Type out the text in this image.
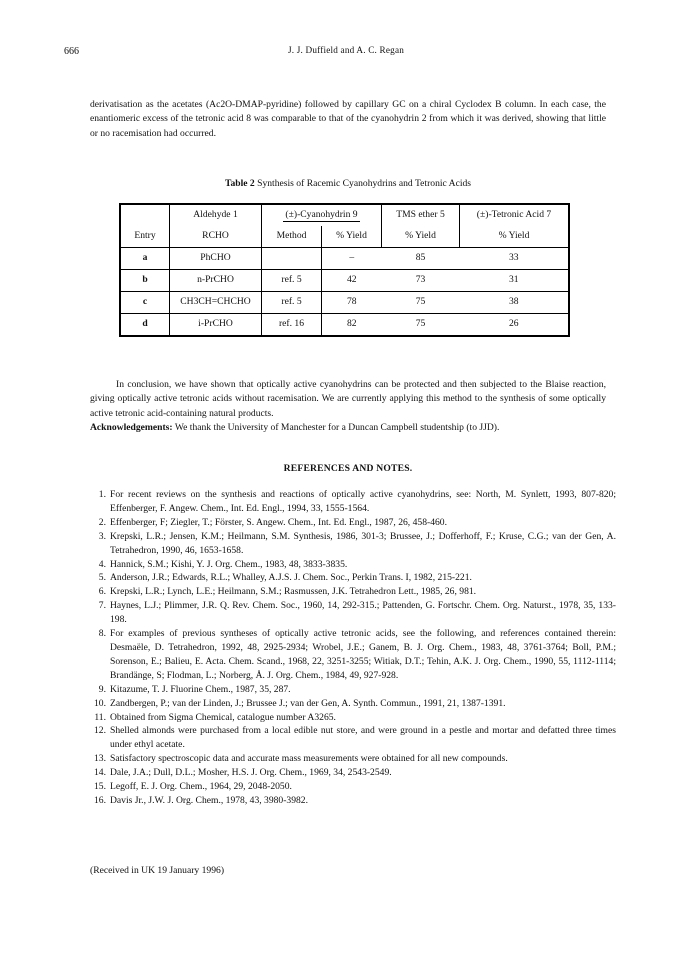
666	J. J. Duffield and A. C. Regan
derivatisation as the acetates (Ac2O-DMAP-pyridine) followed by capillary GC on a chiral Cyclodex B column. In each case, the enantiomeric excess of the tetronic acid 8 was comparable to that of the cyanohydrin 2 from which it was derived, showing that little or no racemisation had occurred.
Table 2 Synthesis of Racemic Cyanohydrins and Tetronic Acids
	Aldehyde 1	(±)-Cyanohydrin 9		TMS ether 5	(±)-Tetronic Acid 7
Entry	RCHO	Method	% Yield	% Yield	% Yield
a	PhCHO		–	85	33
b	n-PrCHO	ref. 5	42	73	31
c	CH3CH=CHCHO	ref. 5	78	75	38
d	i-PrCHO	ref. 16	82	75	26
In conclusion, we have shown that optically active cyanohydrins can be protected and then subjected to the Blaise reaction, giving optically active tetronic acids without racemisation. We are currently applying this method to the synthesis of some optically active tetronic acid-containing natural products.
Acknowledgements: We thank the University of Manchester for a Duncan Campbell studentship (to JJD).
REFERENCES AND NOTES.
1 . For recent reviews on the synthesis and reactions of optically active cyanohydrins, see: North, M. Synlett, 1993, 807-820; Effenberger, F. Angew. Chem., Int. Ed. Engl., 1994, 33, 1555-1564.
2 . Effenberger, F; Ziegler, T.; Förster, S. Angew. Chem., Int. Ed. Engl., 1987, 26, 458-460.
3 . Krepski, L.R.; Jensen, K.M.; Heilmann, S.M. Synthesis, 1986, 301-3; Brussee, J.; Dofferhoff, F.; Kruse, C.G.; van der Gen, A. Tetrahedron, 1990, 46, 1653-1658.
4 . Hannick, S.M.; Kishi, Y. J. Org. Chem., 1983, 48, 3833-3835.
5 . Anderson, J.R.; Edwards, R.L.; Whalley, A.J.S. J. Chem. Soc., Perkin Trans. I, 1982, 215-221.
6 . Krepski, L.R.; Lynch, L.E.; Heilmann, S.M.; Rasmussen, J.K. Tetrahedron Lett., 1985, 26, 981.
7 . Haynes, L.J.; Plimmer, J.R. Q. Rev. Chem. Soc., 1960, 14, 292-315.; Pattenden, G. Fortschr. Chem. Org. Naturst., 1978, 35, 133-198.
8 . For examples of previous syntheses of optically active tetronic acids, see the following, and references contained therein: Desmaële, D. Tetrahedron, 1992, 48, 2925-2934; Wrobel, J.E.; Ganem, B. J. Org. Chem., 1983, 48, 3761-3764; Boll, P.M.; Sorenson, E.; Balieu, E. Acta. Chem. Scand., 1968, 22, 3251-3255; Witiak, D.T.; Tehin, A.K. J. Org. Chem., 1990, 55, 1112-1114; Brandänge, S; Flodman, L.; Norberg, Å. J. Org. Chem., 1984, 49, 927-928.
9 . Kitazume, T. J. Fluorine Chem., 1987, 35, 287.
10 . Zandbergen, P.; van der Linden, J.; Brussee J.; van der Gen, A. Synth. Commun., 1991, 21, 1387-1391.
11 . Obtained from Sigma Chemical, catalogue number A3265.
12 . Shelled almonds were purchased from a local edible nut store, and were ground in a pestle and mortar and defatted three times under ethyl acetate.
13 . Satisfactory spectroscopic data and accurate mass measurements were obtained for all new compounds.
14 . Dale, J.A.; Dull, D.L.; Mosher, H.S. J. Org. Chem., 1969, 34, 2543-2549.
15 . Legoff, E. J. Org. Chem., 1964, 29, 2048-2050.
16 . Davis Jr., J.W. J. Org. Chem., 1978, 43, 3980-3982.
(Received in UK 19 January 1996)
